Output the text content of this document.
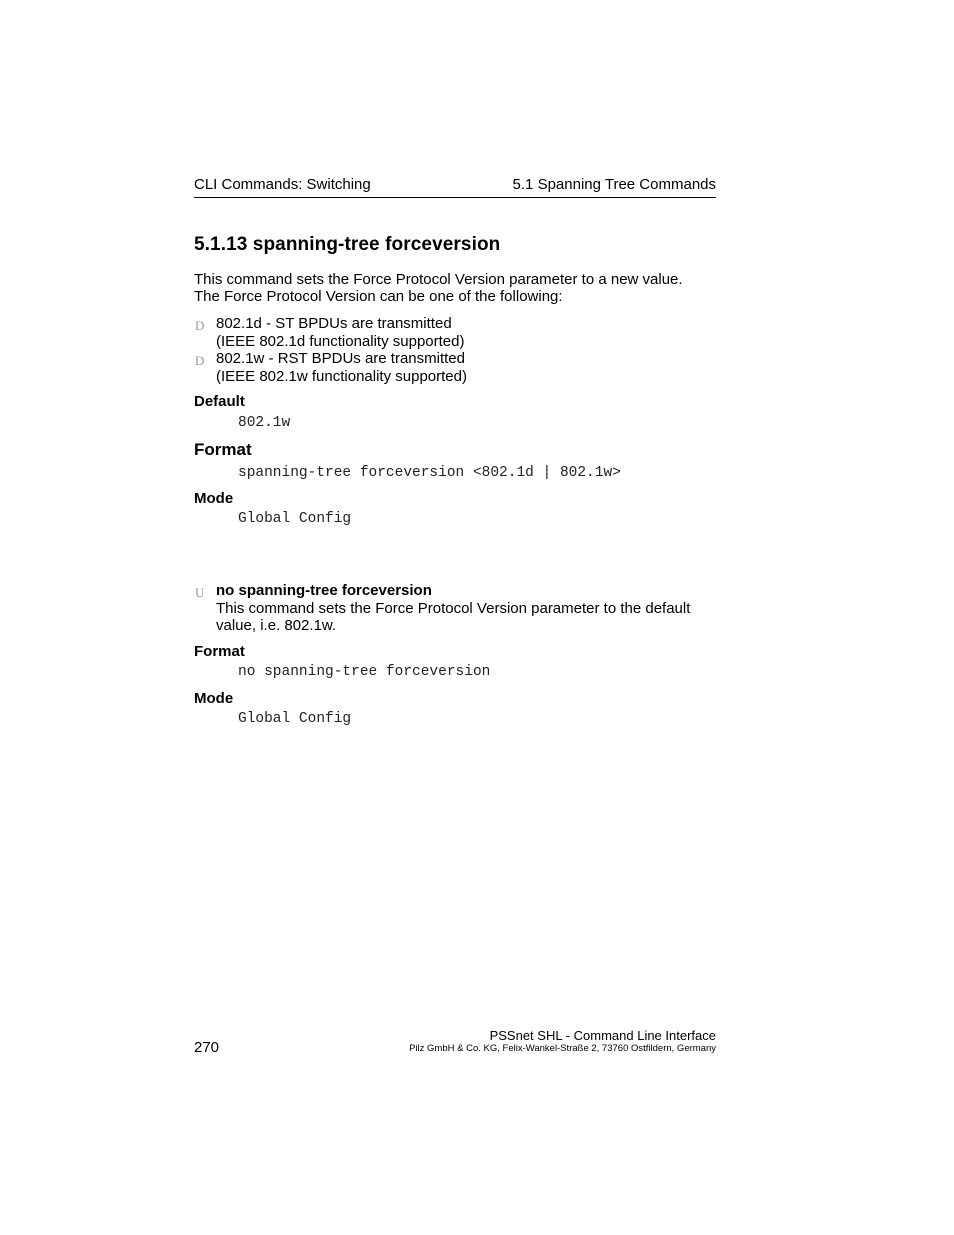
CLI Commands: Switching	5.1 Spanning Tree Commands
5.1.13 spanning-tree forceversion
This command sets the Force Protocol Version parameter to a new value.
The Force Protocol Version can be one of the following:
D 802.1d - ST BPDUs are transmitted
(IEEE 802.1d functionality supported)
D 802.1w - RST BPDUs are transmitted
(IEEE 802.1w functionality supported)
Default
802.1w
Format
spanning-tree forceversion <802.1d | 802.1w>
Mode
Global Config
U no spanning-tree forceversion
This command sets the Force Protocol Version parameter to the default
value, i.e. 802.1w.
Format
no spanning-tree forceversion
Mode
Global Config
270
PSSnet SHL - Command Line Interface
Pilz GmbH & Co. KG, Felix-Wankel-Straße 2, 73760 Ostfildern, Germany
